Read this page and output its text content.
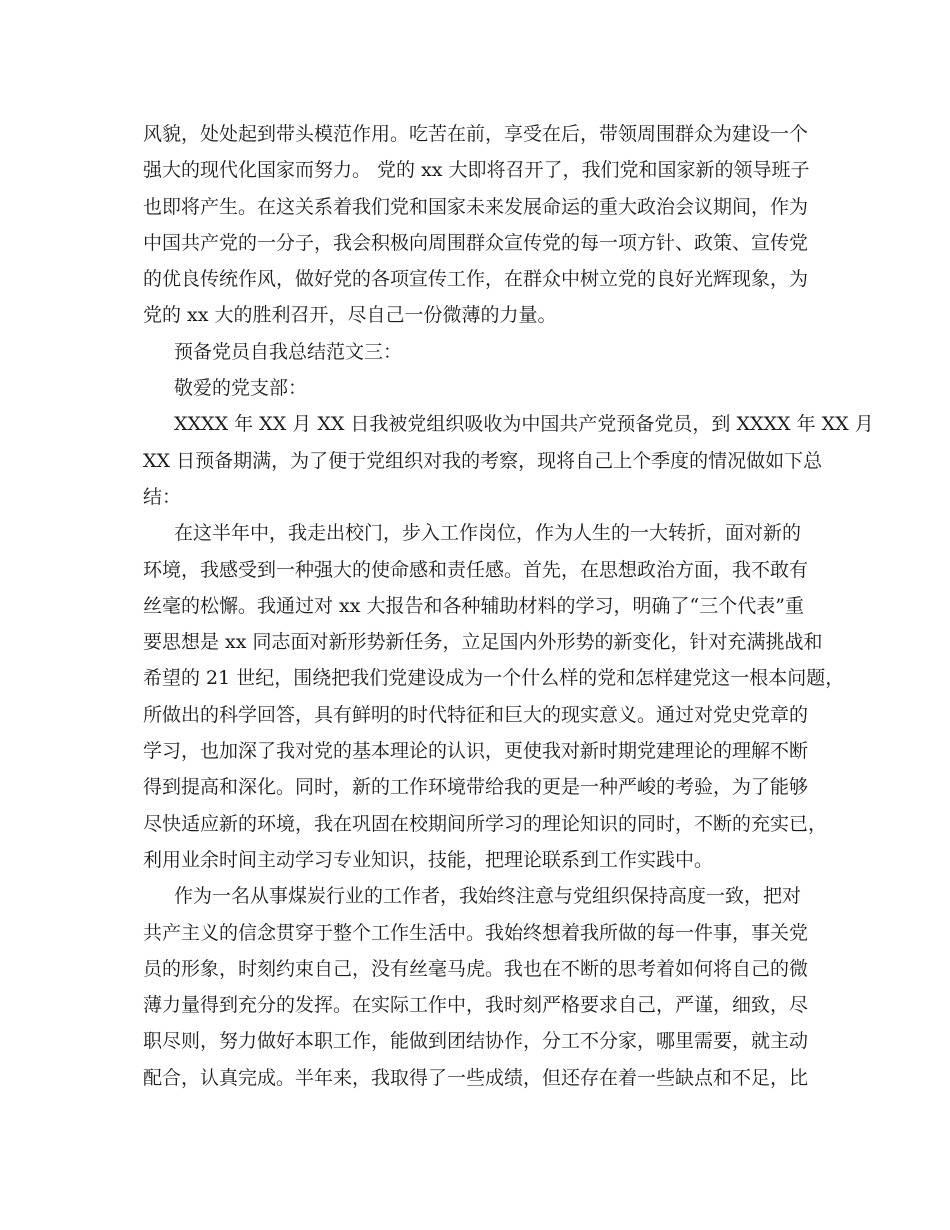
风貌，处处起到带头模范作用。吃苦在前，享受在后，带领周围群众为建设一个
强大的现代化国家而努力。 党的 xx 大即将召开了，我们党和国家新的领导班子
也即将产生。在这关系着我们党和国家未来发展命运的重大政治会议期间，作为
中国共产党的一分子，我会积极向周围群众宣传党的每一项方针、政策、宣传党
的优良传统作风，做好党的各项宣传工作，在群众中树立党的良好光辉现象，为
党的 xx 大的胜利召开，尽自己一份微薄的力量。
预备党员自我总结范文三：
敬爱的党支部：
XXXX 年 XX 月 XX 日我被党组织吸收为中国共产党预备党员，到 XXXX 年 XX 月
XX 日预备期满，为了便于党组织对我的考察，现将自己上个季度的情况做如下总
结：
在这半年中，我走出校门，步入工作岗位，作为人生的一大转折，面对新的
环境，我感受到一种强大的使命感和责任感。首先，在思想政治方面，我不敢有
丝毫的松懈。我通过对 xx 大报告和各种辅助材料的学习，明确了“三个代表”重
要思想是 xx 同志面对新形势新任务，立足国内外形势的新变化，针对充满挑战和
希望的 21 世纪，围绕把我们党建设成为一个什么样的党和怎样建党这一根本问题，
所做出的科学回答，具有鲜明的时代特征和巨大的现实意义。通过对党史党章的
学习，也加深了我对党的基本理论的认识，更使我对新时期党建理论的理解不断
得到提高和深化。同时，新的工作环境带给我的更是一种严峻的考验，为了能够
尽快适应新的环境，我在巩固在校期间所学习的理论知识的同时，不断的充实已，
利用业余时间主动学习专业知识，技能，把理论联系到工作实践中。
作为一名从事煤炭行业的工作者，我始终注意与党组织保持高度一致，把对
共产主义的信念贯穿于整个工作生活中。我始终想着我所做的每一件事，事关党
员的形象，时刻约束自己，没有丝毫马虎。我也在不断的思考着如何将自己的微
薄力量得到充分的发挥。在实际工作中，我时刻严格要求自己，严谨，细致，尽
职尽则，努力做好本职工作，能做到团结协作，分工不分家，哪里需要，就主动
配合，认真完成。半年来，我取得了一些成绩，但还存在着一些缺点和不足，比
